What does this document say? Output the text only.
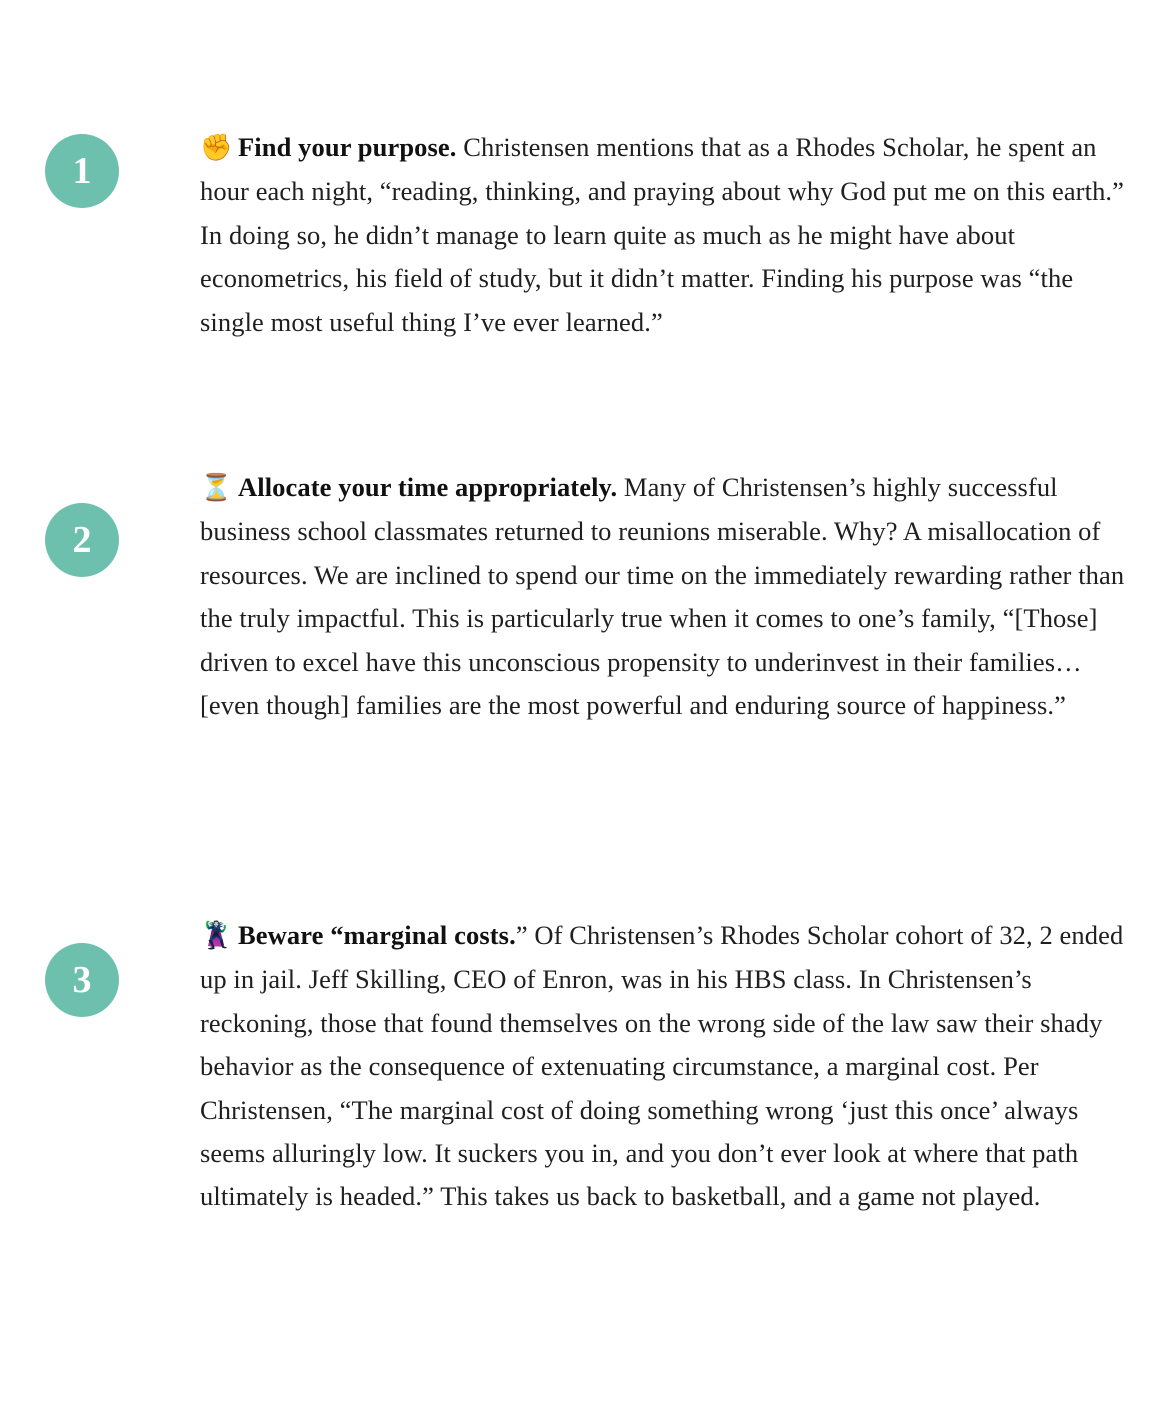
1

✊ Find your purpose. Christensen mentions that as a Rhodes Scholar, he spent an hour each night, “reading, thinking, and praying about why God put me on this earth.” In doing so, he didn’t manage to learn quite as much as he might have about econometrics, his field of study, but it didn’t matter. Finding his purpose was “the single most useful thing I’ve ever learned.”

2

⏳ Allocate your time appropriately. Many of Christensen’s highly successful business school classmates returned to reunions miserable. Why? A misallocation of resources. We are inclined to spend our time on the immediately rewarding rather than the truly impactful. This is particularly true when it comes to one’s family, “[Those] driven to excel have this unconscious propensity to underinvest in their families…[even though] families are the most powerful and enduring source of happiness.”

3

🦹 Beware “marginal costs.” Of Christensen’s Rhodes Scholar cohort of 32, 2 ended up in jail. Jeff Skilling, CEO of Enron, was in his HBS class. In Christensen’s reckoning, those that found themselves on the wrong side of the law saw their shady behavior as the consequence of extenuating circumstance, a marginal cost. Per Christensen, “The marginal cost of doing something wrong ‘just this once’ always seems alluringly low. It suckers you in, and you don’t ever look at where that path ultimately is headed.” This takes us back to basketball, and a game not played.
